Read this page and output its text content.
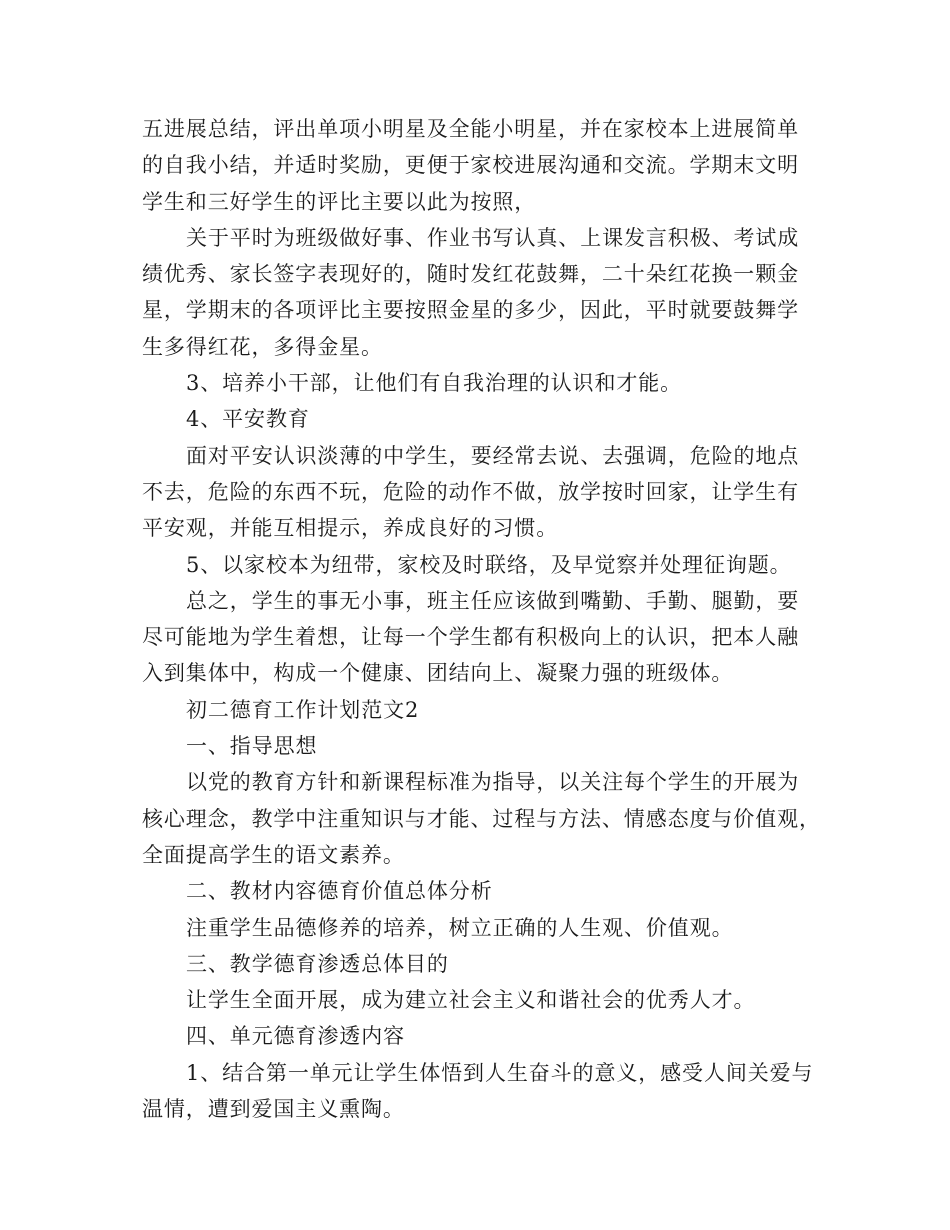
五进展总结，评出单项小明星及全能小明星，并在家校本上进展简单
的自我小结，并适时奖励，更便于家校进展沟通和交流。学期末文明
学生和三好学生的评比主要以此为按照，

关于平时为班级做好事、作业书写认真、上课发言积极、考试成
绩优秀、家长签字表现好的，随时发红花鼓舞，二十朵红花换一颗金
星，学期末的各项评比主要按照金星的多少，因此，平时就要鼓舞学
生多得红花，多得金星。

3、培养小干部，让他们有自我治理的认识和才能。

4、平安教育

面对平安认识淡薄的中学生，要经常去说、去强调，危险的地点
不去，危险的东西不玩，危险的动作不做，放学按时回家，让学生有
平安观，并能互相提示，养成良好的习惯。

5、以家校本为纽带，家校及时联络，及早觉察并处理征询题。

总之，学生的事无小事，班主任应该做到嘴勤、手勤、腿勤，要
尽可能地为学生着想，让每一个学生都有积极向上的认识，把本人融
入到集体中，构成一个健康、团结向上、凝聚力强的班级体。

初二德育工作计划范文2

一、指导思想

以党的教育方针和新课程标准为指导，以关注每个学生的开展为
核心理念，教学中注重知识与才能、过程与方法、情感态度与价值观，
全面提高学生的语文素养。

二、教材内容德育价值总体分析

注重学生品德修养的培养，树立正确的人生观、价值观。

三、教学德育渗透总体目的

让学生全面开展，成为建立社会主义和谐社会的优秀人才。

四、单元德育渗透内容

1、结合第一单元让学生体悟到人生奋斗的意义，感受人间关爱与
温情，遭到爱国主义熏陶。
